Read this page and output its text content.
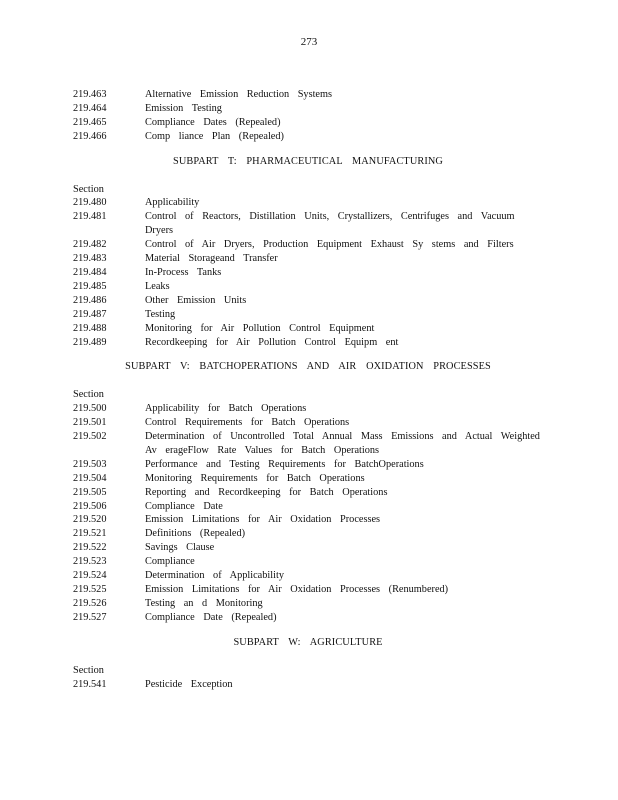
273
219.463	Alternative Emission Reduction Systems
219.464	Emission Testing
219.465	Compliance Dates (Repealed)
219.466	Comp liance Plan (Repealed)
SUBPART T: PHARMACEUTICAL MANUFACTURING
Section
219.480	Applicability
219.481	Control of Reactors, Distillation Units, Crystallizers, Centrifuges and Vacuum Dryers
219.482	Control of Air Dryers, Production Equipment Exhaust Sy stems and Filters
219.483	Material Storageand Transfer
219.484	In-Process Tanks
219.485	Leaks
219.486	Other Emission Units
219.487	Testing
219.488	Monitoring for Air Pollution Control Equipment
219.489	Recordkeeping for Air Pollution Control Equipm ent
SUBPART V: BATCHOPERATIONS AND AIR OXIDATION PROCESSES
Section
219.500	Applicability for Batch Operations
219.501	Control Requirements for Batch Operations
219.502	Determination of Uncontrolled Total Annual Mass Emissions and Actual Weighted Av erageFlow Rate Values for Batch Operations
219.503	Performance and Testing Requirements for BatchOperations
219.504	Monitoring Requirements for Batch Operations
219.505	Reporting and Recordkeeping for Batch Operations
219.506	Compliance Date
219.520	Emission Limitations for Air Oxidation Processes
219.521	Definitions (Repealed)
219.522	Savings Clause
219.523	Compliance
219.524	Determination of Applicability
219.525	Emission Limitations for Air Oxidation Processes (Renumbered)
219.526	Testing an d Monitoring
219.527	Compliance Date (Repealed)
SUBPART W: AGRICULTURE
Section
219.541	Pesticide Exception
